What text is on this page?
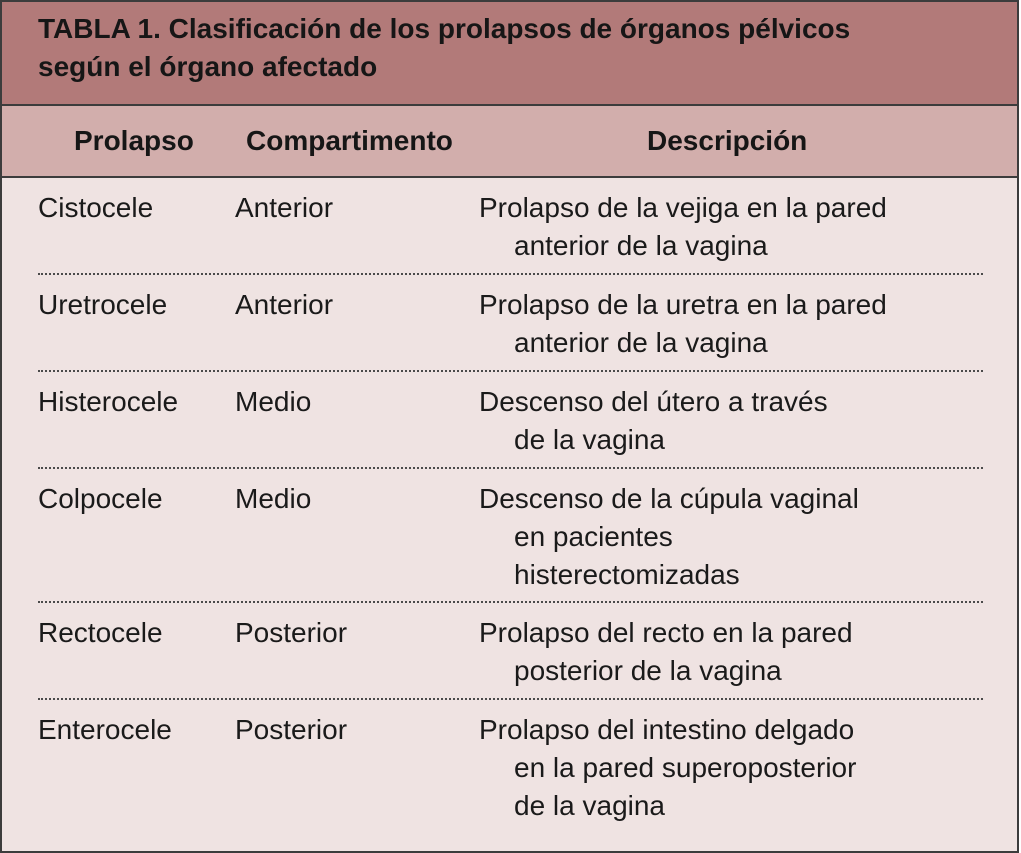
TABLA 1. Clasificación de los prolapsos de órganos pélvicos
según el órgano afectado
Prolapso Compartimento	Descripción
Cistocele	Anterior	Prolapso de la vejiga en la pared
anterior de la vagina
Uretrocele Anterior	Prolapso de la uretra en la pared
anterior de la vagina
Histerocele Medio	Descenso del útero a través
de la vagina
Colpocele	Medio	Descenso de la cúpula vaginal
en pacientes
histerectomizadas
Rectocele	Posterior	Prolapso del recto en la pared
posterior de la vagina
Enterocele Posterior	Prolapso del intestino delgado
en la pared superoposterior
de la vagina
